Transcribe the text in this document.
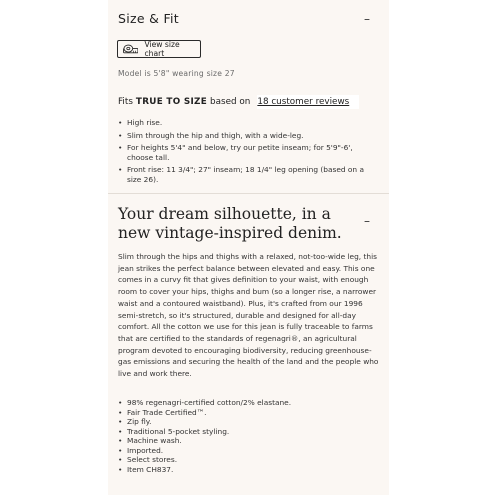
Size & Fit	–
View size chart
Model is 5'8" wearing size 27
Fits TRUE TO SIZE based on 18 customer reviews
• High rise.
• Slim through the hip and thigh, with a wide-leg.
• For heights 5'4" and below, try our petite inseam; for 5'9"-6', choose tall.
• Front rise: 11 3/4"; 27" inseam; 18 1/4" leg opening (based on a size 26).
Your dream silhouette, in a new vintage-inspired denim.
–

Slim through the hips and thighs with a relaxed, not-too-wide leg, this jean strikes the perfect balance between elevated and easy. This one comes in a curvy fit that gives definition to your waist, with enough room to cover your hips, thighs and bum (so a longer rise, a narrower waist and a contoured waistband). Plus, it's crafted from our 1996 semi-stretch, so it's structured, durable and designed for all-day comfort. All the cotton we use for this jean is fully traceable to farms that are certified to the standards of regenagri®, an agricultural program devoted to encouraging biodiversity, reducing greenhouse-gas emissions and securing the health of the land and the people who live and work there.

• 98% regenagri-certified cotton/2% elastane.
• Fair Trade Certified™.
• Zip fly.
• Traditional 5-pocket styling.
• Machine wash.
• Imported.
• Select stores.
• Item CH837.
